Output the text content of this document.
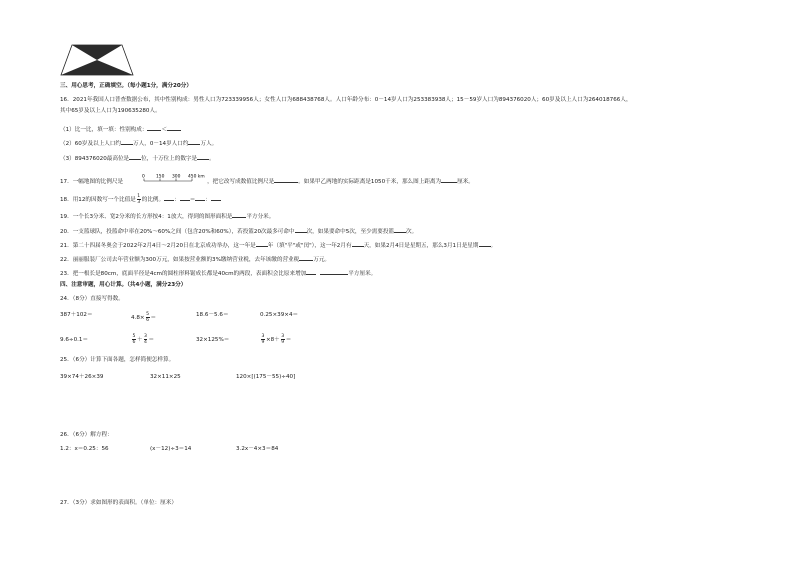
A
B
三、用心思考，正确填空。（每小题1分，满分20分）
16．2021年我国人口普查数据公布，其中性别构成：男性人口为723339956人；女性人口为688438768人。人口年龄分布：0－14岁人口为253383938人；15－59岁人口为894376020人；60岁及以上人口为264018766人，
其中65岁及以上人口为190635280人。
（1）比一比，填一填：性别构成：	＜
（2）60岁及以上人口约 万人，0－14岁人口约 万人。
（3）894376020最高位是 位，十万位上的数字是 。
17．一幅地图的比例尺是	，把它改写成数值比例尺是	。如果甲乙两地的实际距离是1050千米，那么图上距离为	厘米。
0	150 300 450 km
18．用12的因数写一个比值是 $\frac{1}{3}$ 的比例。 ： ＝ ：
19．一个长3分米、宽2分米的长方形按4：1放大，得到的图形面积是	平方分米。
20．一支篮球队，投篮命中率在20%～60%之间（包含20%和60%），若投篮20次最多可命中 次，如果要命中5次，至少需要投篮 次。
21．第二十四届冬奥会于2022年2月4日～2月20日在北京成功举办，这一年是 年（填"平"或"闰"），这一年2月有 天，如果2月4日是星期五，那么3月1日是星期 。
22．丽丽服装厂公司去年营业额为300万元，如果按营业额的3%缴纳营业税，去年该缴的营业税	万元。
23．把一根长是80cm，底面半径是4cm的圆柱形料锯成长都是40cm的两段，表面积会比原来增加	平方厘米。
四、注意审题，用心计算。（共4小题，满分23分）
24．（8分）直接写得数。
387＋102＝	$4.8\times \frac{5}{6}$ ＝	18.6－5.6＝	0.25×39×4＝
9.6÷0.1＝	$\frac{5}{6} + \frac{3}{4}$ ＝	32×125%＝	$\frac{3}{9} \times 8+ \frac{3}{9}$ ＝
25．（6分）计算下面各题，怎样简便怎样算。
39×74＋26×39	32×11×25	120×[(175－55)÷40]
26．（6分）解方程：
1.2：x＝0.25：56	(x－12)÷3＝14	3.2x－4×3＝84
27．（3分）求如图形的表面积。（单位：厘米）
